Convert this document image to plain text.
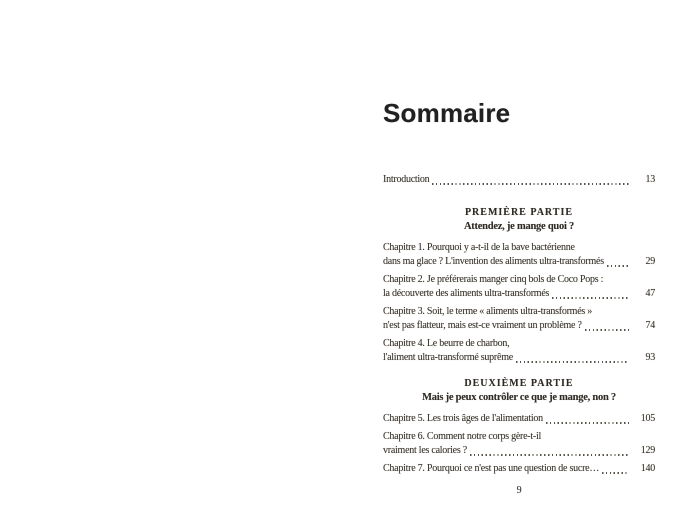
Sommaire
Introduction	13
PREMIÈRE PARTIE
Attendez, je mange quoi ?
Chapitre 1. Pourquoi y a-t-il de la bave bactérienne
dans ma glace ? L'invention des aliments ultra-transformés	29
Chapitre 2. Je préférerais manger cinq bols de Coco Pops :
la découverte des aliments ultra-transformés	47
Chapitre 3. Soit, le terme « aliments ultra-transformés »
n'est pas flatteur, mais est-ce vraiment un problème ?	74
Chapitre 4. Le beurre de charbon,
l'aliment ultra-transformé suprême	93
DEUXIÈME PARTIE
Mais je peux contrôler ce que je mange, non ?
Chapitre 5. Les trois âges de l'alimentation	105
Chapitre 6. Comment notre corps gère-t-il
vraiment les calories ?	129
Chapitre 7. Pourquoi ce n'est pas une question de sucre…	140
9
